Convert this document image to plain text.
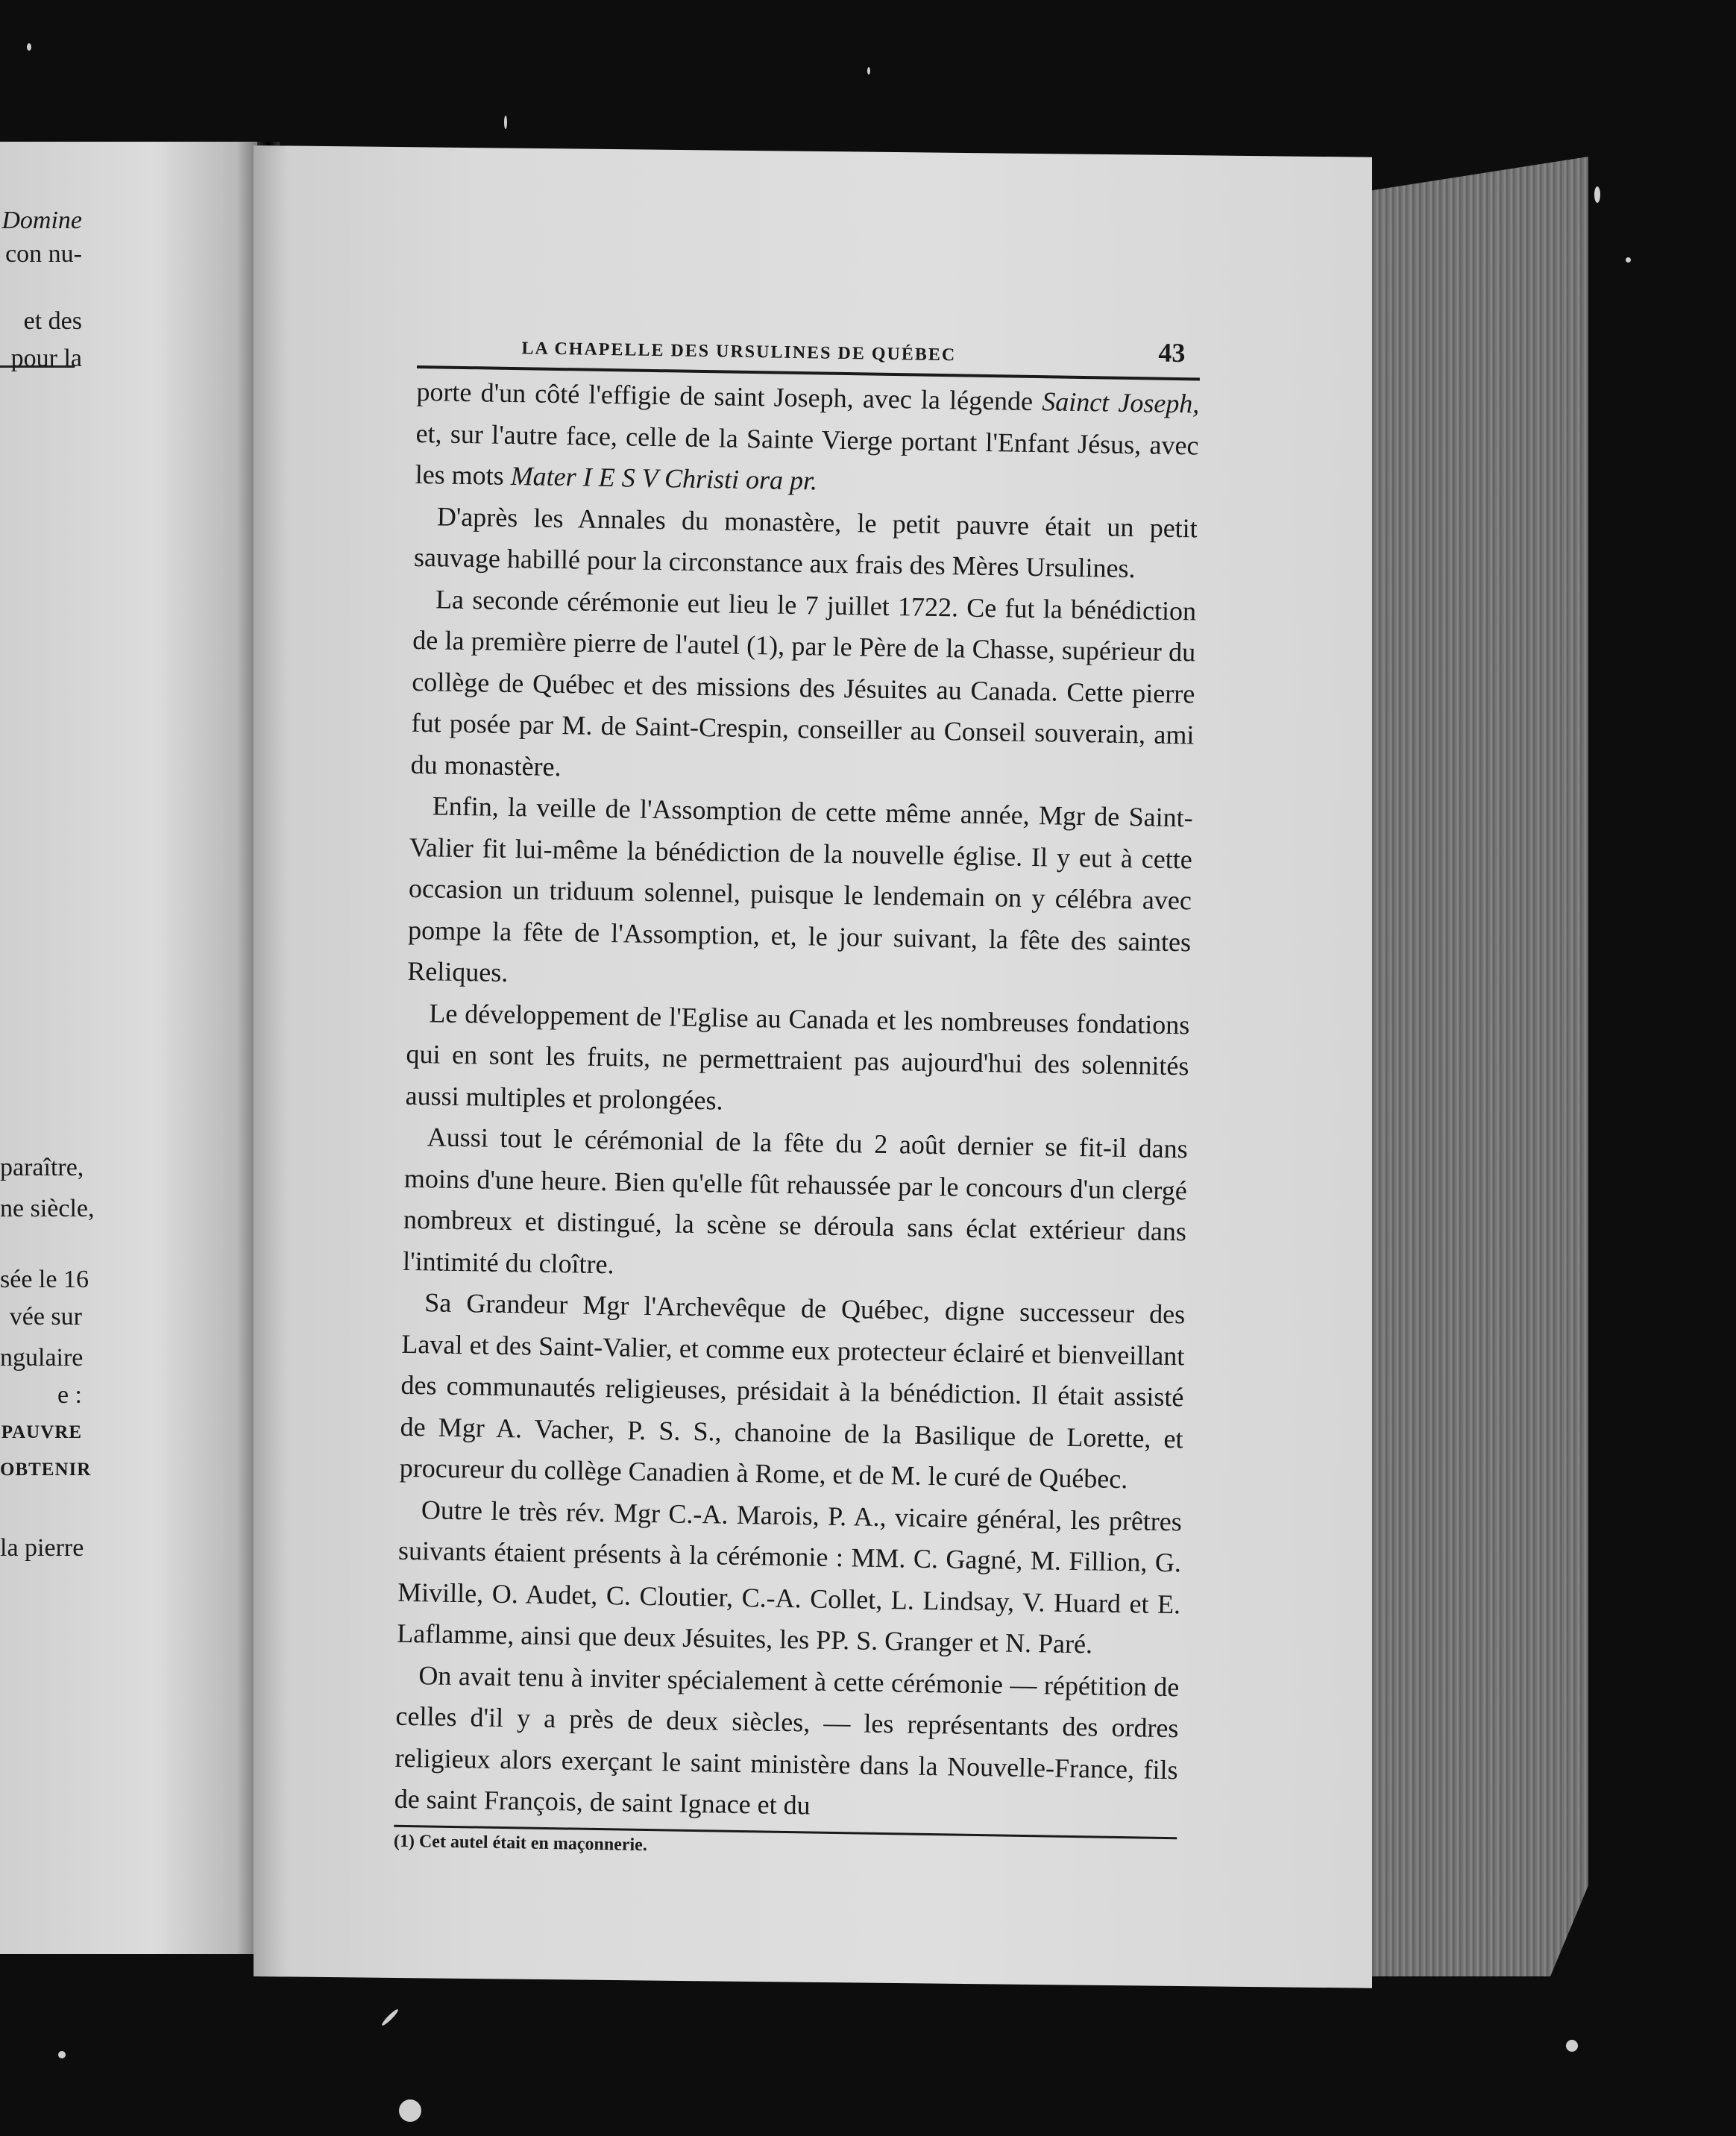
Domine
con nu-
et des
pour la
paraître,
ne siècle,
sée le 16
vée sur
ngulaire
e :
PAUVRE
OBTENIR
la pierre
LA CHAPELLE DES URSULINES DE QUÉBEC	43

porte d'un côté l'effigie de saint Joseph, avec la légende Sainct Joseph, et, sur l'autre face, celle de la Sainte Vierge portant l'Enfant Jésus, avec les mots Mater I E S V Christi ora pr.

D'après les Annales du monastère, le petit pauvre était un petit sauvage habillé pour la circonstance aux frais des Mères Ursulines.

La seconde cérémonie eut lieu le 7 juillet 1722. Ce fut la bénédiction de la première pierre de l'autel (1), par le Père de la Chasse, supérieur du collège de Québec et des missions des Jésuites au Canada. Cette pierre fut posée par M. de Saint-Crespin, conseiller au Conseil souverain, ami du monastère.

Enfin, la veille de l'Assomption de cette même année, Mgr de Saint-Valier fit lui-même la bénédiction de la nouvelle église. Il y eut à cette occasion un triduum solennel, puisque le lendemain on y célébra avec pompe la fête de l'Assomption, et, le jour suivant, la fête des saintes Reliques.

Le développement de l'Eglise au Canada et les nombreuses fondations qui en sont les fruits, ne permettraient pas aujourd'hui des solennités aussi multiples et prolongées.

Aussi tout le cérémonial de la fête du 2 août dernier se fit-il dans moins d'une heure. Bien qu'elle fût rehaussée par le concours d'un clergé nombreux et distingué, la scène se déroula sans éclat extérieur dans l'intimité du cloître.

Sa Grandeur Mgr l'Archevêque de Québec, digne successeur des Laval et des Saint-Valier, et comme eux protecteur éclairé et bienveillant des communautés religieuses, présidait à la bénédiction. Il était assisté de Mgr A. Vacher, P. S. S., chanoine de la Basilique de Lorette, et procureur du collège Canadien à Rome, et de M. le curé de Québec.

Outre le très rév. Mgr C.-A. Marois, P. A., vicaire général, les prêtres suivants étaient présents à la cérémonie : MM. C. Gagné, M. Fillion, G. Miville, O. Audet, C. Cloutier, C.-A. Collet, L. Lindsay, V. Huard et E. Laflamme, ainsi que deux Jésuites, les PP. S. Granger et N. Paré.

On avait tenu à inviter spécialement à cette cérémonie — répétition de celles d'il y a près de deux siècles, — les représentants des ordres religieux alors exerçant le saint ministère dans la Nouvelle-France, fils de saint François, de saint Ignace et du

(1) Cet autel était en maçonnerie.
